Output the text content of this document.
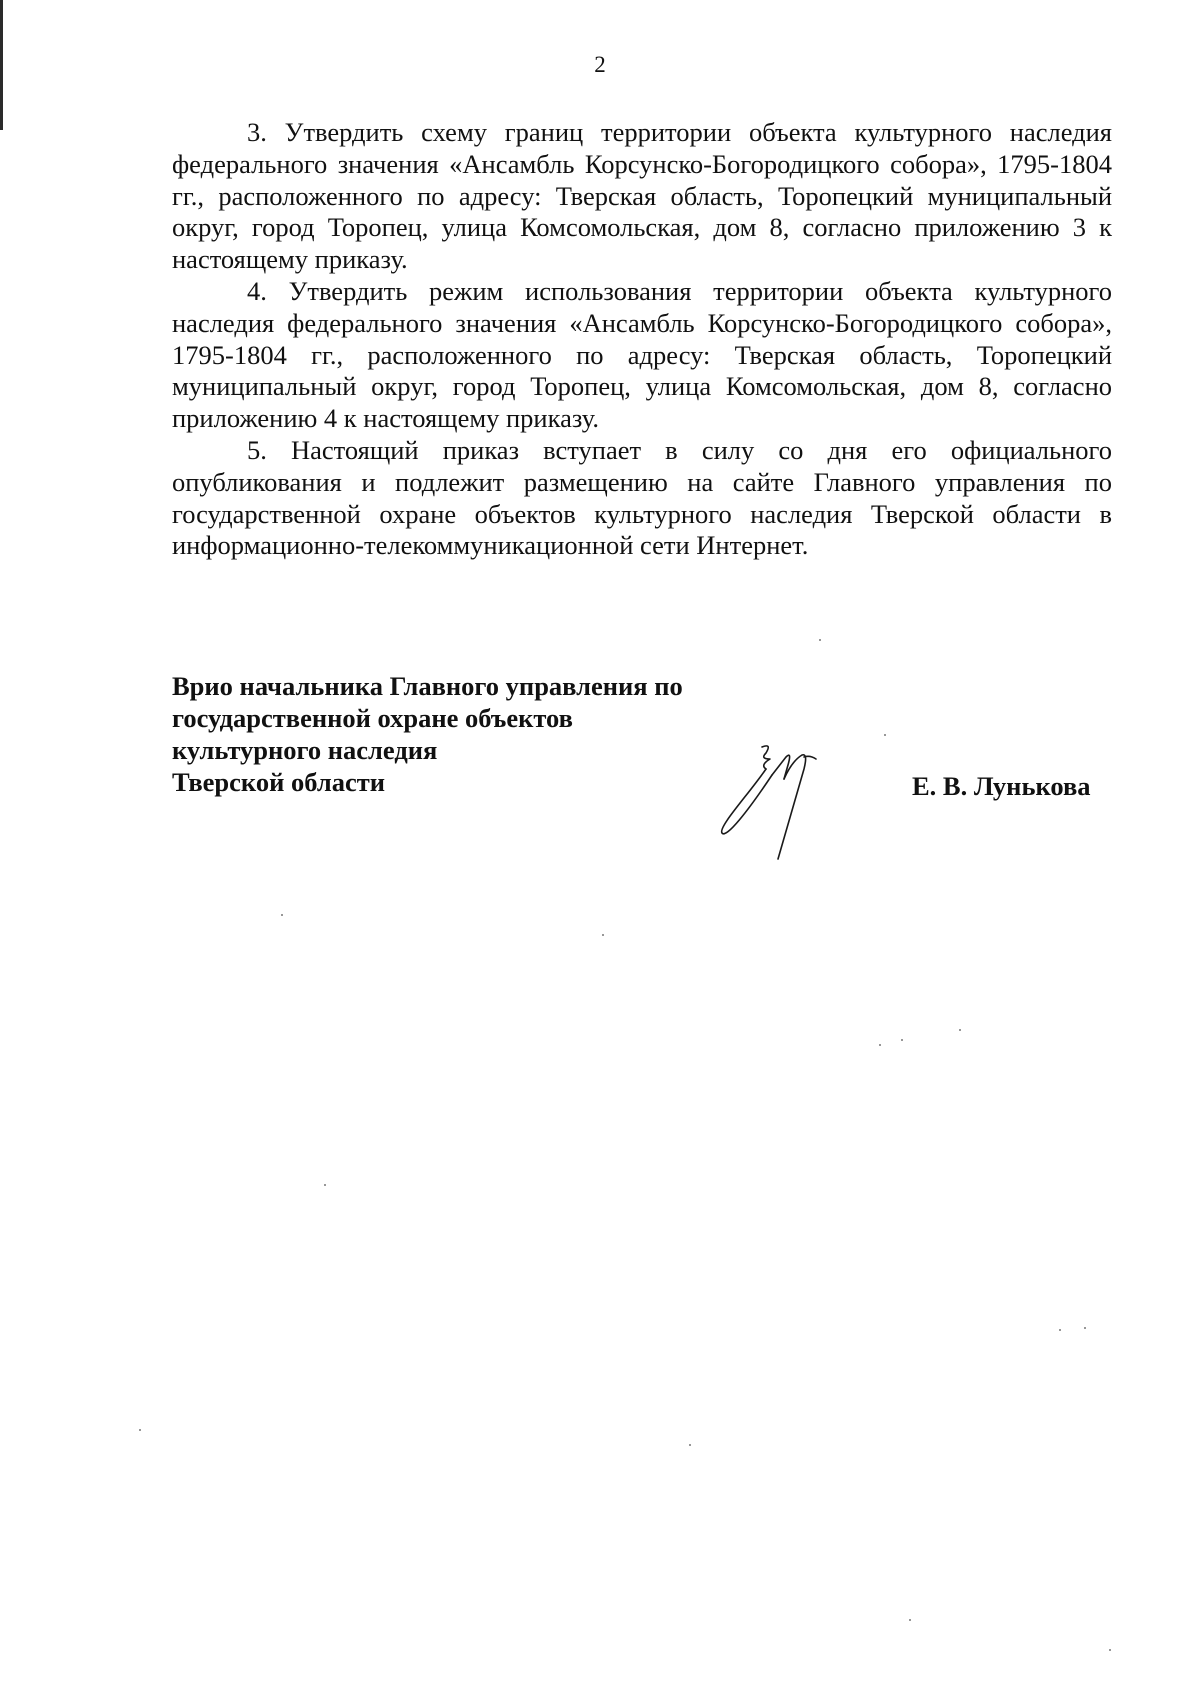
2

3. Утвердить схему границ территории объекта культурного наследия федерального значения «Ансамбль Корсунско-Богородицкого собора», 1795-1804 гг., расположенного по адресу: Тверская область, Торопецкий муниципальный округ, город Торопец, улица Комсомольская, дом 8, согласно приложению 3 к настоящему приказу.

4. Утвердить режим использования территории объекта культурного наследия федерального значения «Ансамбль Корсунско-Богородицкого собора», 1795-1804 гг., расположенного по адресу: Тверская область, Торопецкий муниципальный округ, город Торопец, улица Комсомольская, дом 8, согласно приложению 4 к настоящему приказу.

5. Настоящий приказ вступает в силу со дня его официального опубликования и подлежит размещению на сайте Главного управления по государственной охране объектов культурного наследия Тверской области в информационно-телекоммуникационной сети Интернет.

Врио начальника Главного управления по
государственной охране объектов
культурного наследия
Тверской области	Е. В. Лунькова
